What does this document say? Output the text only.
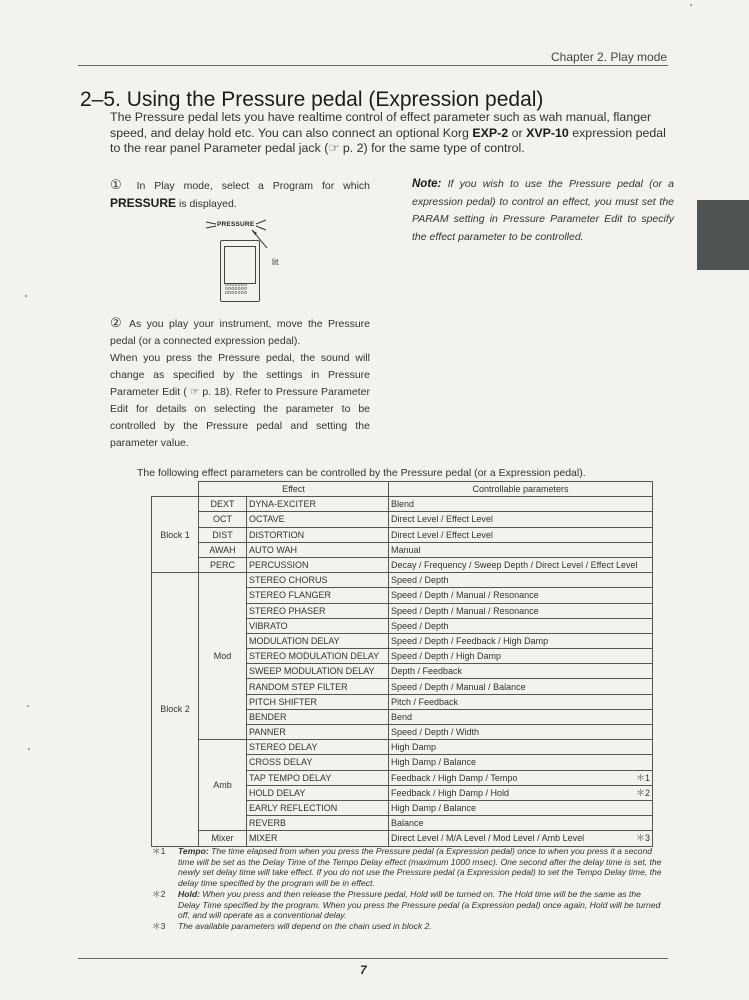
Chapter 2. Play mode
2–5. Using the Pressure pedal (Expression pedal)
The Pressure pedal lets you have realtime control of effect parameter such as wah manual, flanger speed, and delay hold etc. You can also connect an optional Korg EXP-2 or XVP-10 expression pedal to the rear panel Parameter pedal jack (☞ p. 2) for the same type of control.
① In Play mode, select a Program for which PRESSURE is displayed.
PRESSURE
lit
ooooooo ooooooo ooooooo
Note: If you wish to use the Pressure pedal (or a expression pedal) to control an effect, you must set the PARAM setting in Pressure Parameter Edit to specify the effect parameter to be controlled.
② As you play your instrument, move the Pressure pedal (or a connected expression pedal).
When you press the Pressure pedal, the sound will change as specified by the settings in Pressure Parameter Edit ( ☞ p. 18). Refer to Pressure Parameter Edit for details on selecting the parameter to be controlled by the Pressure pedal and setting the parameter value.
The following effect parameters can be controlled by the Pressure pedal (or a Expression pedal).
	Effect		Controllable parameters
Block 1	DEXT	DYNA-EXCITER	Blend
	OCT	OCTAVE	Direct Level / Effect Level
	DIST	DISTORTION	Direct Level / Effect Level
	AWAH	AUTO WAH	Manual
	PERC	PERCUSSION	Decay / Frequency / Sweep Depth / Direct Level / Effect Level
Block 2	Mod	STEREO CHORUS	Speed / Depth
		STEREO FLANGER	Speed / Depth / Manual / Resonance
		STEREO PHASER	Speed / Depth / Manual / Resonance
		VIBRATO	Speed / Depth
		MODULATION DELAY	Speed / Depth / Feedback / High Damp
		STEREO MODULATION DELAY	Speed / Depth / High Damp
		SWEEP MODULATION DELAY	Depth / Feedback
		RANDOM STEP FILTER	Speed / Depth / Manual / Balance
		PITCH SHIFTER	Pitch / Feedback
		BENDER	Bend
		PANNER	Speed / Depth / Width
	Amb	STEREO DELAY	High Damp
		CROSS DELAY	High Damp / Balance
		TAP TEMPO DELAY	Feedback / High Damp / Tempo ＊1

		HOLD DELAY	Feedback / High Damp / Hold ＊2

		EARLY REFLECTION	High Damp / Balance
		REVERB	Balance
	Mixer	MIXER	Direct Level / M/A Level / Mod Level / Amb Level ＊3
＊1 Tempo: The time elapsed from when you press the Pressure pedal (a Expression pedal) once to when you press it a second time will be set as the Delay Time of the Tempo Delay effect (maximum 1000 msec). One second after the delay time is set, the newly set delay time will take effect. If you do not use the Pressure pedal (a Expression pedal) to set the Tempo Delay time, the delay time specified by the program will be in effect.
＊2 Hold: When you press and then release the Pressure pedal, Hold will be turned on. The Hold time will be the same as the Delay Time specified by the program. When you press the Pressure pedal (a Expression pedal) once again, Hold will be turned off, and will operate as a conventional delay.
＊3 The available parameters will depend on the chain used in block 2.
7
